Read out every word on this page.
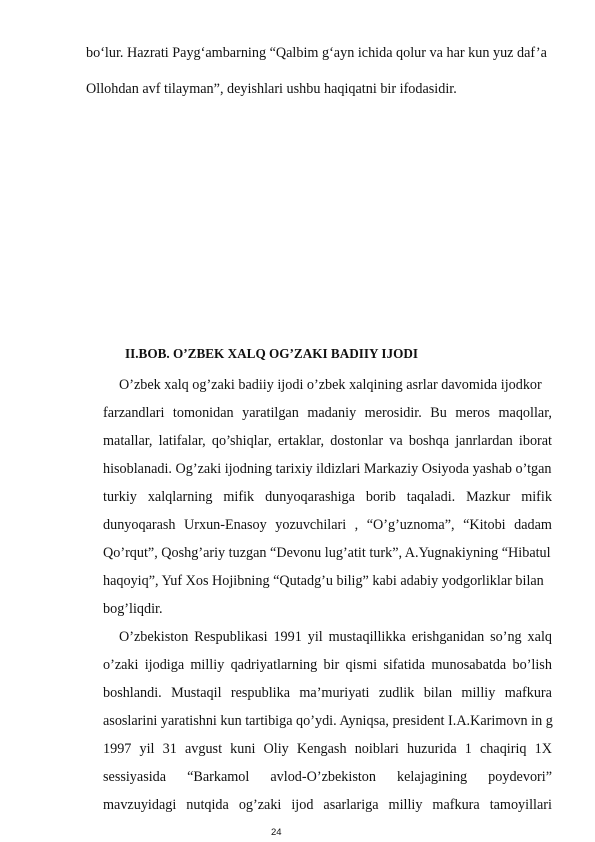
bo‘lur. Hazrati Payg‘ambarning “Qalbim g‘ayn ichida qolur va har kun yuz daf’a

Ollohdan avf tilayman”, deyishlari ushbu haqiqatni bir ifodasidir.

II.BOB. O’ZBEK XALQ OG’ZAKI BADIIY IJODI

O’zbek xalq og’zaki badiiy ijodi o’zbek xalqining asrlar davomida ijodkor

farzandlari tomonidan yaratilgan madaniy merosidir. Bu meros maqollar,

matallar, latifalar, qo’shiqlar, ertaklar, dostonlar va boshqa janrlardan iborat

hisoblanadi. Og’zaki ijodning tarixiy ildizlari Markaziy Osiyoda yashab o’tgan

turkiy xalqlarning mifik dunyoqarashiga borib taqaladi. Mazkur mifik

dunyoqarash Urxun-Enasoy yozuvchilari , “O’g’uznoma”, “Kitobi dadam

Qo’rqut”, Qoshg’ariy tuzgan “Devonu lug’atit turk”, A.Yugnakiyning “Hibatul

haqoyiq”, Yuf Xos Hojibning “Qutadg’u bilig” kabi adabiy yodgorliklar bilan

bog’liqdir.

O’zbekiston Respublikasi 1991 yil mustaqillikka erishganidan so’ng xalq

o’zaki ijodiga milliy qadriyatlarning bir qismi sifatida munosabatda bo’lish

boshlandi. Mustaqil respublika ma’muriyati zudlik bilan milliy mafkura

asoslarini yaratishni kun tartibiga qo’ydi. Ayniqsa, president I.A.Karimovn in g

1997 yil 31 avgust kuni Oliy Kengash noiblari huzurida 1 chaqiriq 1X

sessiyasida “Barkamol avlod-O’zbekiston kelajagining poydevori”

mavzuyidagi nutqida og’zaki ijod asarlariga milliy mafkura tamoyillari

24
